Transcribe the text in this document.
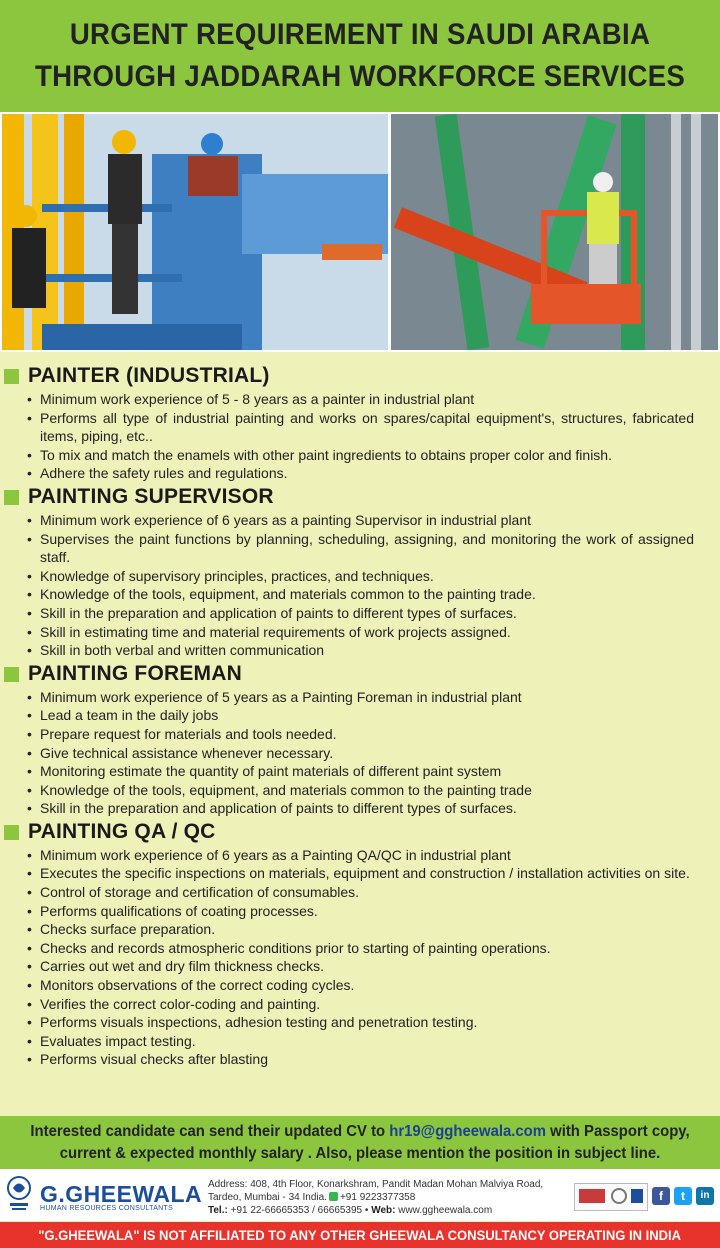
URGENT REQUIREMENT IN SAUDI ARABIA
THROUGH JADDARAH WORKFORCE SERVICES
PAINTER (INDUSTRIAL)
• Minimum work experience of 5 - 8 years as a painter in industrial plant
• Performs all type of industrial painting and works on spares/capital equipment's, structures, fabricated items, piping, etc..
• To mix and match the enamels with other paint ingredients to obtains proper color and finish.
• Adhere the safety rules and regulations.
PAINTING SUPERVISOR
• Minimum work experience of 6 years as a painting Supervisor in industrial plant
• Supervises the paint functions by planning, scheduling, assigning, and monitoring the work of assigned staff.
• Knowledge of supervisory principles, practices, and techniques.
• Knowledge of the tools, equipment, and materials common to the painting trade.
• Skill in the preparation and application of paints to different types of surfaces.
• Skill in estimating time and material requirements of work projects assigned.
• Skill in both verbal and written communication
PAINTING FOREMAN
• Minimum work experience of 5 years as a Painting Foreman in industrial plant
• Lead a team in the daily jobs
• Prepare request for materials and tools needed.
• Give technical assistance whenever necessary.
• Monitoring estimate the quantity of paint materials of different paint system
• Knowledge of the tools, equipment, and materials common to the painting trade
• Skill in the preparation and application of paints to different types of surfaces.
PAINTING QA / QC
• Minimum work experience of 6 years as a Painting QA/QC in industrial plant
• Executes the specific inspections on materials, equipment and construction / installation activities on site.
• Control of storage and certification of consumables.
• Performs qualifications of coating processes.
• Checks surface preparation.
• Checks and records atmospheric conditions prior to starting of painting operations.
• Carries out wet and dry film thickness checks.
• Monitors observations of the correct coding cycles.
• Verifies the correct color-coding and painting.
• Performs visuals inspections, adhesion testing and penetration testing.
• Evaluates impact testing.
• Performs visual checks after blasting
Interested candidate can send their updated CV to hr19@ggheewala.com with Passport copy,
current & expected monthly salary . Also, please mention the position in subject line.
G.GHEEWALA
HUMAN RESOURCES CONSULTANTS
Address: 408, 4th Floor, Konarkshram, Pandit Madan Mohan Malviya Road,
Tardeo, Mumbai - 34 India. +91 9223377358
Tel.: +91 22-66665353 / 66665395 • Web: www.ggheewala.com
f	t	in
"G.GHEEWALA" IS NOT AFFILIATED TO ANY OTHER GHEEWALA CONSULTANCY OPERATING IN INDIA
